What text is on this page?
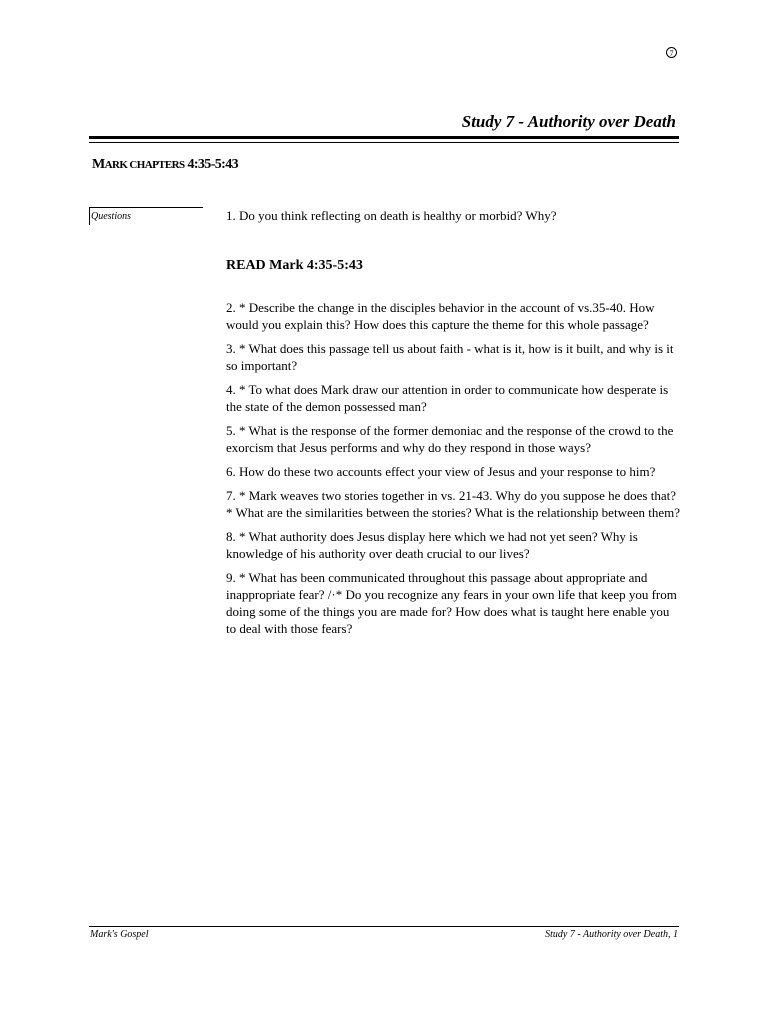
7
Study 7 - Authority over Death
MARK CHAPTERS 4:35-5:43
Questions	1. Do you think reflecting on death is healthy or morbid? Why?

READ Mark 4:35-5:43

2. * Describe the change in the disciples behavior in the account of vs.35-40. How would you explain this? How does this capture the theme for this whole passage?

3. * What does this passage tell us about faith - what is it, how is it built, and why is it so important?

4. * To what does Mark draw our attention in order to communicate how desperate is the state of the demon possessed man?

5. * What is the response of the former demoniac and the response of the crowd to the exorcism that Jesus performs and why do they respond in those ways?

6. How do these two accounts effect your view of Jesus and your response to him?

7. * Mark weaves two stories together in vs. 21-43. Why do you suppose he does that? * What are the similarities between the stories? What is the relationship between them?

8. * What authority does Jesus display here which we had not yet seen? Why is knowledge of his authority over death crucial to our lives?

9. * What has been communicated throughout this passage about appropriate and inappropriate fear? /·* Do you recognize any fears in your own life that keep you from doing some of the things you are made for? How does what is taught here enable you to deal with those fears?

Mark's Gospel	Study 7 - Authority over Death, 1
